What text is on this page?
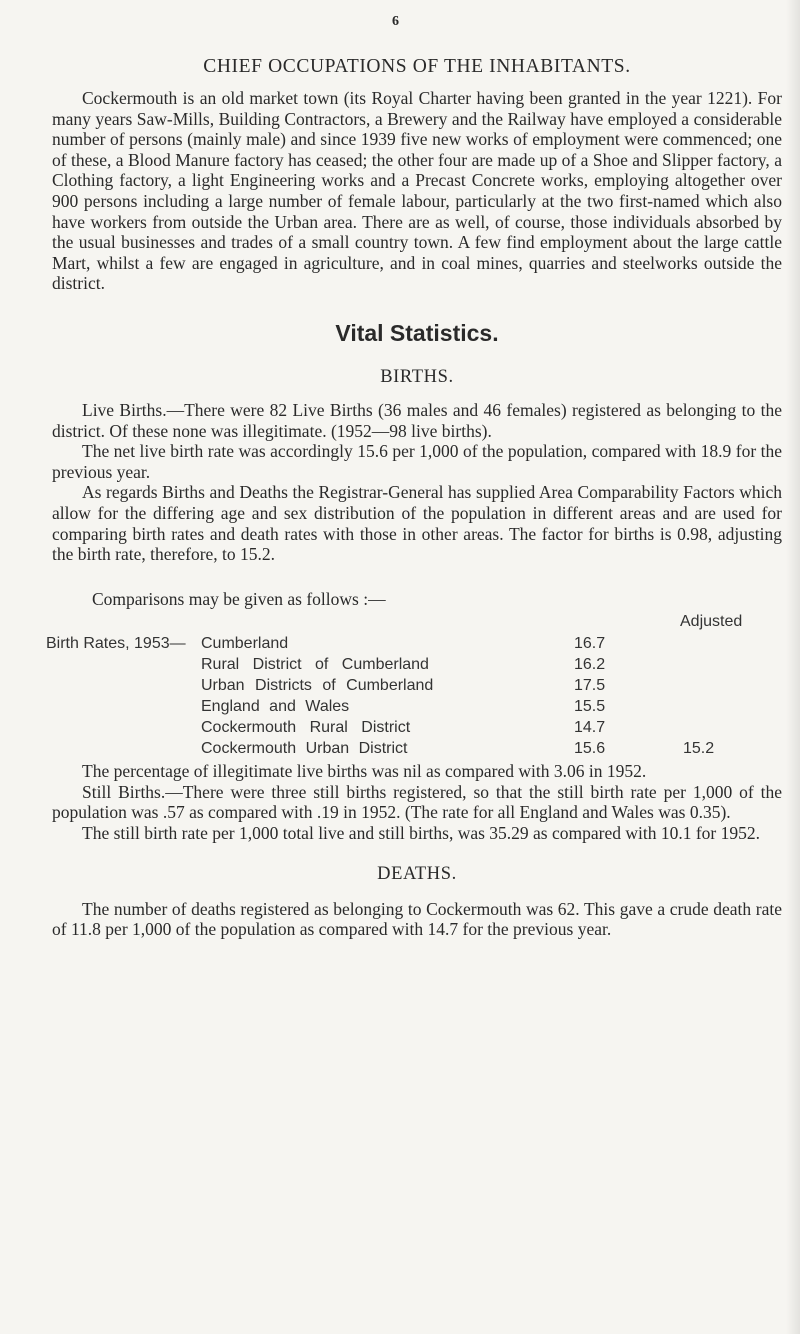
6
CHIEF OCCUPATIONS OF THE INHABITANTS.

Cockermouth is an old market town (its Royal Charter having been granted in the year 1221). For many years Saw-Mills, Building Contractors, a Brewery and the Railway have employed a considerable number of persons (mainly male) and since 1939 five new works of employment were commenced; one of these, a Blood Manure factory has ceased; the other four are made up of a Shoe and Slipper factory, a Clothing factory, a light Engineering works and a Precast Concrete works, employing altogether over 900 persons including a large number of female labour, particularly at the two first-named which also have workers from outside the Urban area. There are as well, of course, those individuals absorbed by the usual businesses and trades of a small country town. A few find employment about the large cattle Mart, whilst a few are engaged in agriculture, and in coal mines, quarries and steelworks outside the district.

Vital Statistics.
BIRTHS.

Live Births.—There were 82 Live Births (36 males and 46 females) registered as belonging to the district. Of these none was illegitimate. (1952—98 live births).

The net live birth rate was accordingly 15.6 per 1,000 of the population, compared with 18.9 for the previous year.

As regards Births and Deaths the Registrar-General has supplied Area Comparability Factors which allow for the differing age and sex distribution of the population in different areas and are used for comparing birth rates and death rates with those in other areas. The factor for births is 0.98, adjusting the birth rate, therefore, to 15.2.

Comparisons may be given as follows :—

Adjusted
Birth Rates, 1953— Cumberland	16.7
Rural District of Cumberland	16.2
Urban Districts of Cumberland	17.5
England and Wales	15.5
Cockermouth Rural District	14.7
Cockermouth Urban District	15.6	15.2

The percentage of illegitimate live births was nil as compared with 3.06 in 1952.

Still Births.—There were three still births registered, so that the still birth rate per 1,000 of the population was .57 as compared with .19 in 1952. (The rate for all England and Wales was 0.35).

The still birth rate per 1,000 total live and still births, was 35.29 as compared with 10.1 for 1952.

DEATHS.

The number of deaths registered as belonging to Cockermouth was 62. This gave a crude death rate of 11.8 per 1,000 of the population as compared with 14.7 for the previous year.
